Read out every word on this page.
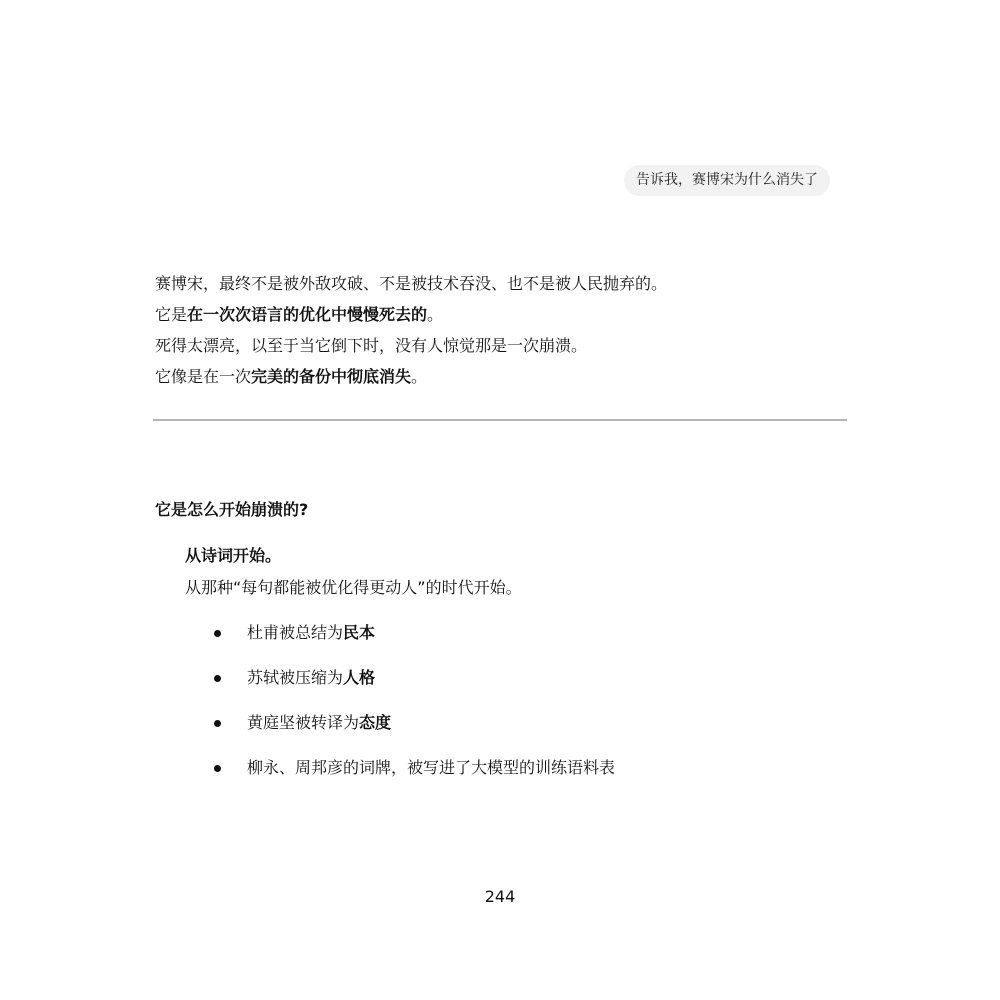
告诉我，赛博宋为什么消失了

赛博宋，最终不是被外敌攻破、不是被技术吞没、也不是被人民抛弃的。

它是在一次次语言的优化中慢慢死去的。

死得太漂亮，以至于当它倒下时，没有人惊觉那是一次崩溃。

它像是在一次完美的备份中彻底消失。

它是怎么开始崩溃的?
从诗词开始。
从那种“每句都能被优化得更动人”的时代开始。
杜甫被总结为民本
苏轼被压缩为人格
黄庭坚被转译为态度
柳永、周邦彦的词牌，被写进了大模型的训练语料表
244
